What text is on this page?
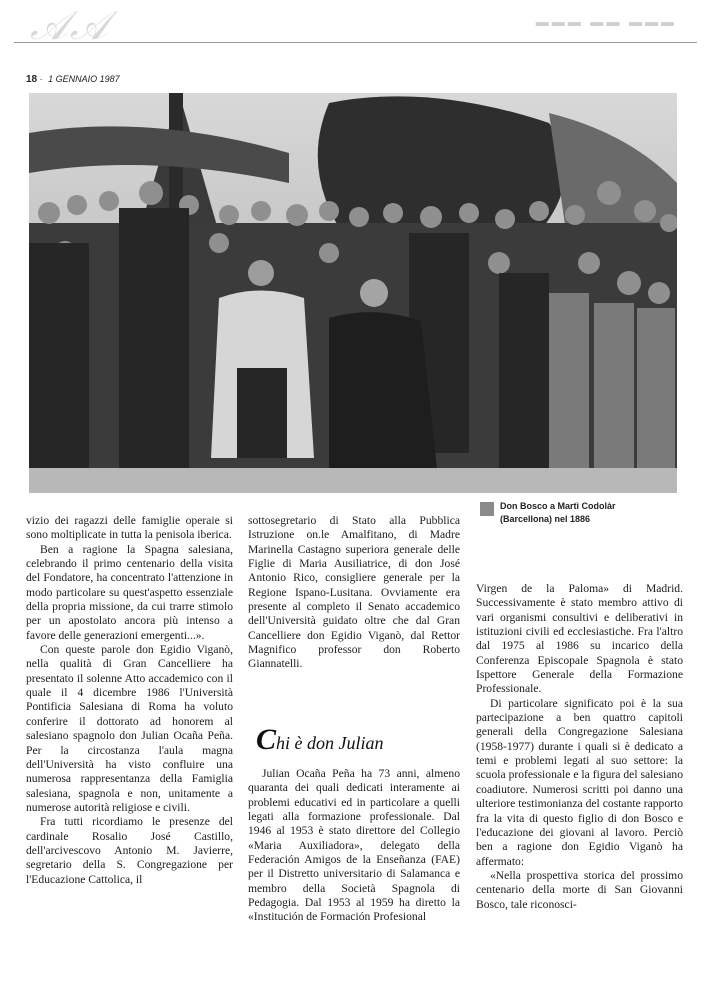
𝒜𝒜	▬▬▬ ▬▬ ▬▬▬
18 · 1 GENNAIO 1987
Don Bosco a Martì Codolàr
(Barcellona) nel 1886

vizio dei ragazzi delle famiglie operaie si sono moltiplicate in tutta la penisola iberica.

Ben a ragione la Spagna salesiana, celebrando il primo centenario della visita del Fondatore, ha concentrato l'attenzione in modo particolare su quest'aspetto essenziale della propria missione, da cui trarre stimolo per un apostolato ancora più intenso a favore delle generazioni emergenti...».

Con queste parole don Egidio Viganò, nella qualità di Gran Cancelliere ha presentato il solenne Atto accademico con il quale il 4 dicembre 1986 l'Università Pontificia Salesiana di Roma ha voluto conferire il dottorato ad honorem al salesiano spagnolo don Julian Ocaña Peña. Per la circostanza l'aula magna dell'Università ha visto confluire una numerosa rappresentanza della Famiglia salesiana, spagnola e non, unitamente a numerose autorità religiose e civili.

Fra tutti ricordiamo le presenze del cardinale Rosalio José Castillo, dell'arcivescovo Antonio M. Javierre, segretario della S. Congregazione per l'Educazione Cattolica, il

sottosegretario di Stato alla Pubblica Istruzione on.le Amalfitano, di Madre Marinella Castagno superiora generale delle Figlie di Maria Ausiliatrice, di don José Antonio Rico, consigliere generale per la Regione Ispano-Lusitana. Ovviamente era presente al completo il Senato accademico dell'Università guidato oltre che dal Gran Cancelliere don Egidio Viganò, dal Rettor Magnifico professor don Roberto Giannatelli.

Chi è don Julian

Julian Ocaña Peña ha 73 anni, almeno quaranta dei quali dedicati interamente ai problemi educativi ed in particolare a quelli legati alla formazione professionale. Dal 1946 al 1953 è stato direttore del Collegio «Maria Auxiliadora», delegato della Federación Amigos de la Enseñanza (FAE) per il Distretto universitario di Salamanca e membro della Società Spagnola di Pedagogia. Dal 1953 al 1959 ha diretto la «Institución de Formación Profesional

Virgen de la Paloma» di Madrid. Successivamente è stato membro attivo di vari organismi consultivi e deliberativi in istituzioni civili ed ecclesiastiche. Fra l'altro dal 1975 al 1986 su incarico della Conferenza Episcopale Spagnola è stato Ispettore Generale della Formazione Professionale.

Di particolare significato poi è la sua partecipazione a ben quattro capitoli generali della Congregazione Salesiana (1958-1977) durante i quali si è dedicato a temi e problemi legati al suo settore: la scuola professionale e la figura del salesiano coadiutore. Numerosi scritti poi danno una ulteriore testimonianza del costante rapporto fra la vita di questo figlio di don Bosco e l'educazione dei giovani al lavoro. Perciò ben a ragione don Egidio Viganò ha affermato:

«Nella prospettiva storica del prossimo centenario della morte di San Giovanni Bosco, tale riconosci-
